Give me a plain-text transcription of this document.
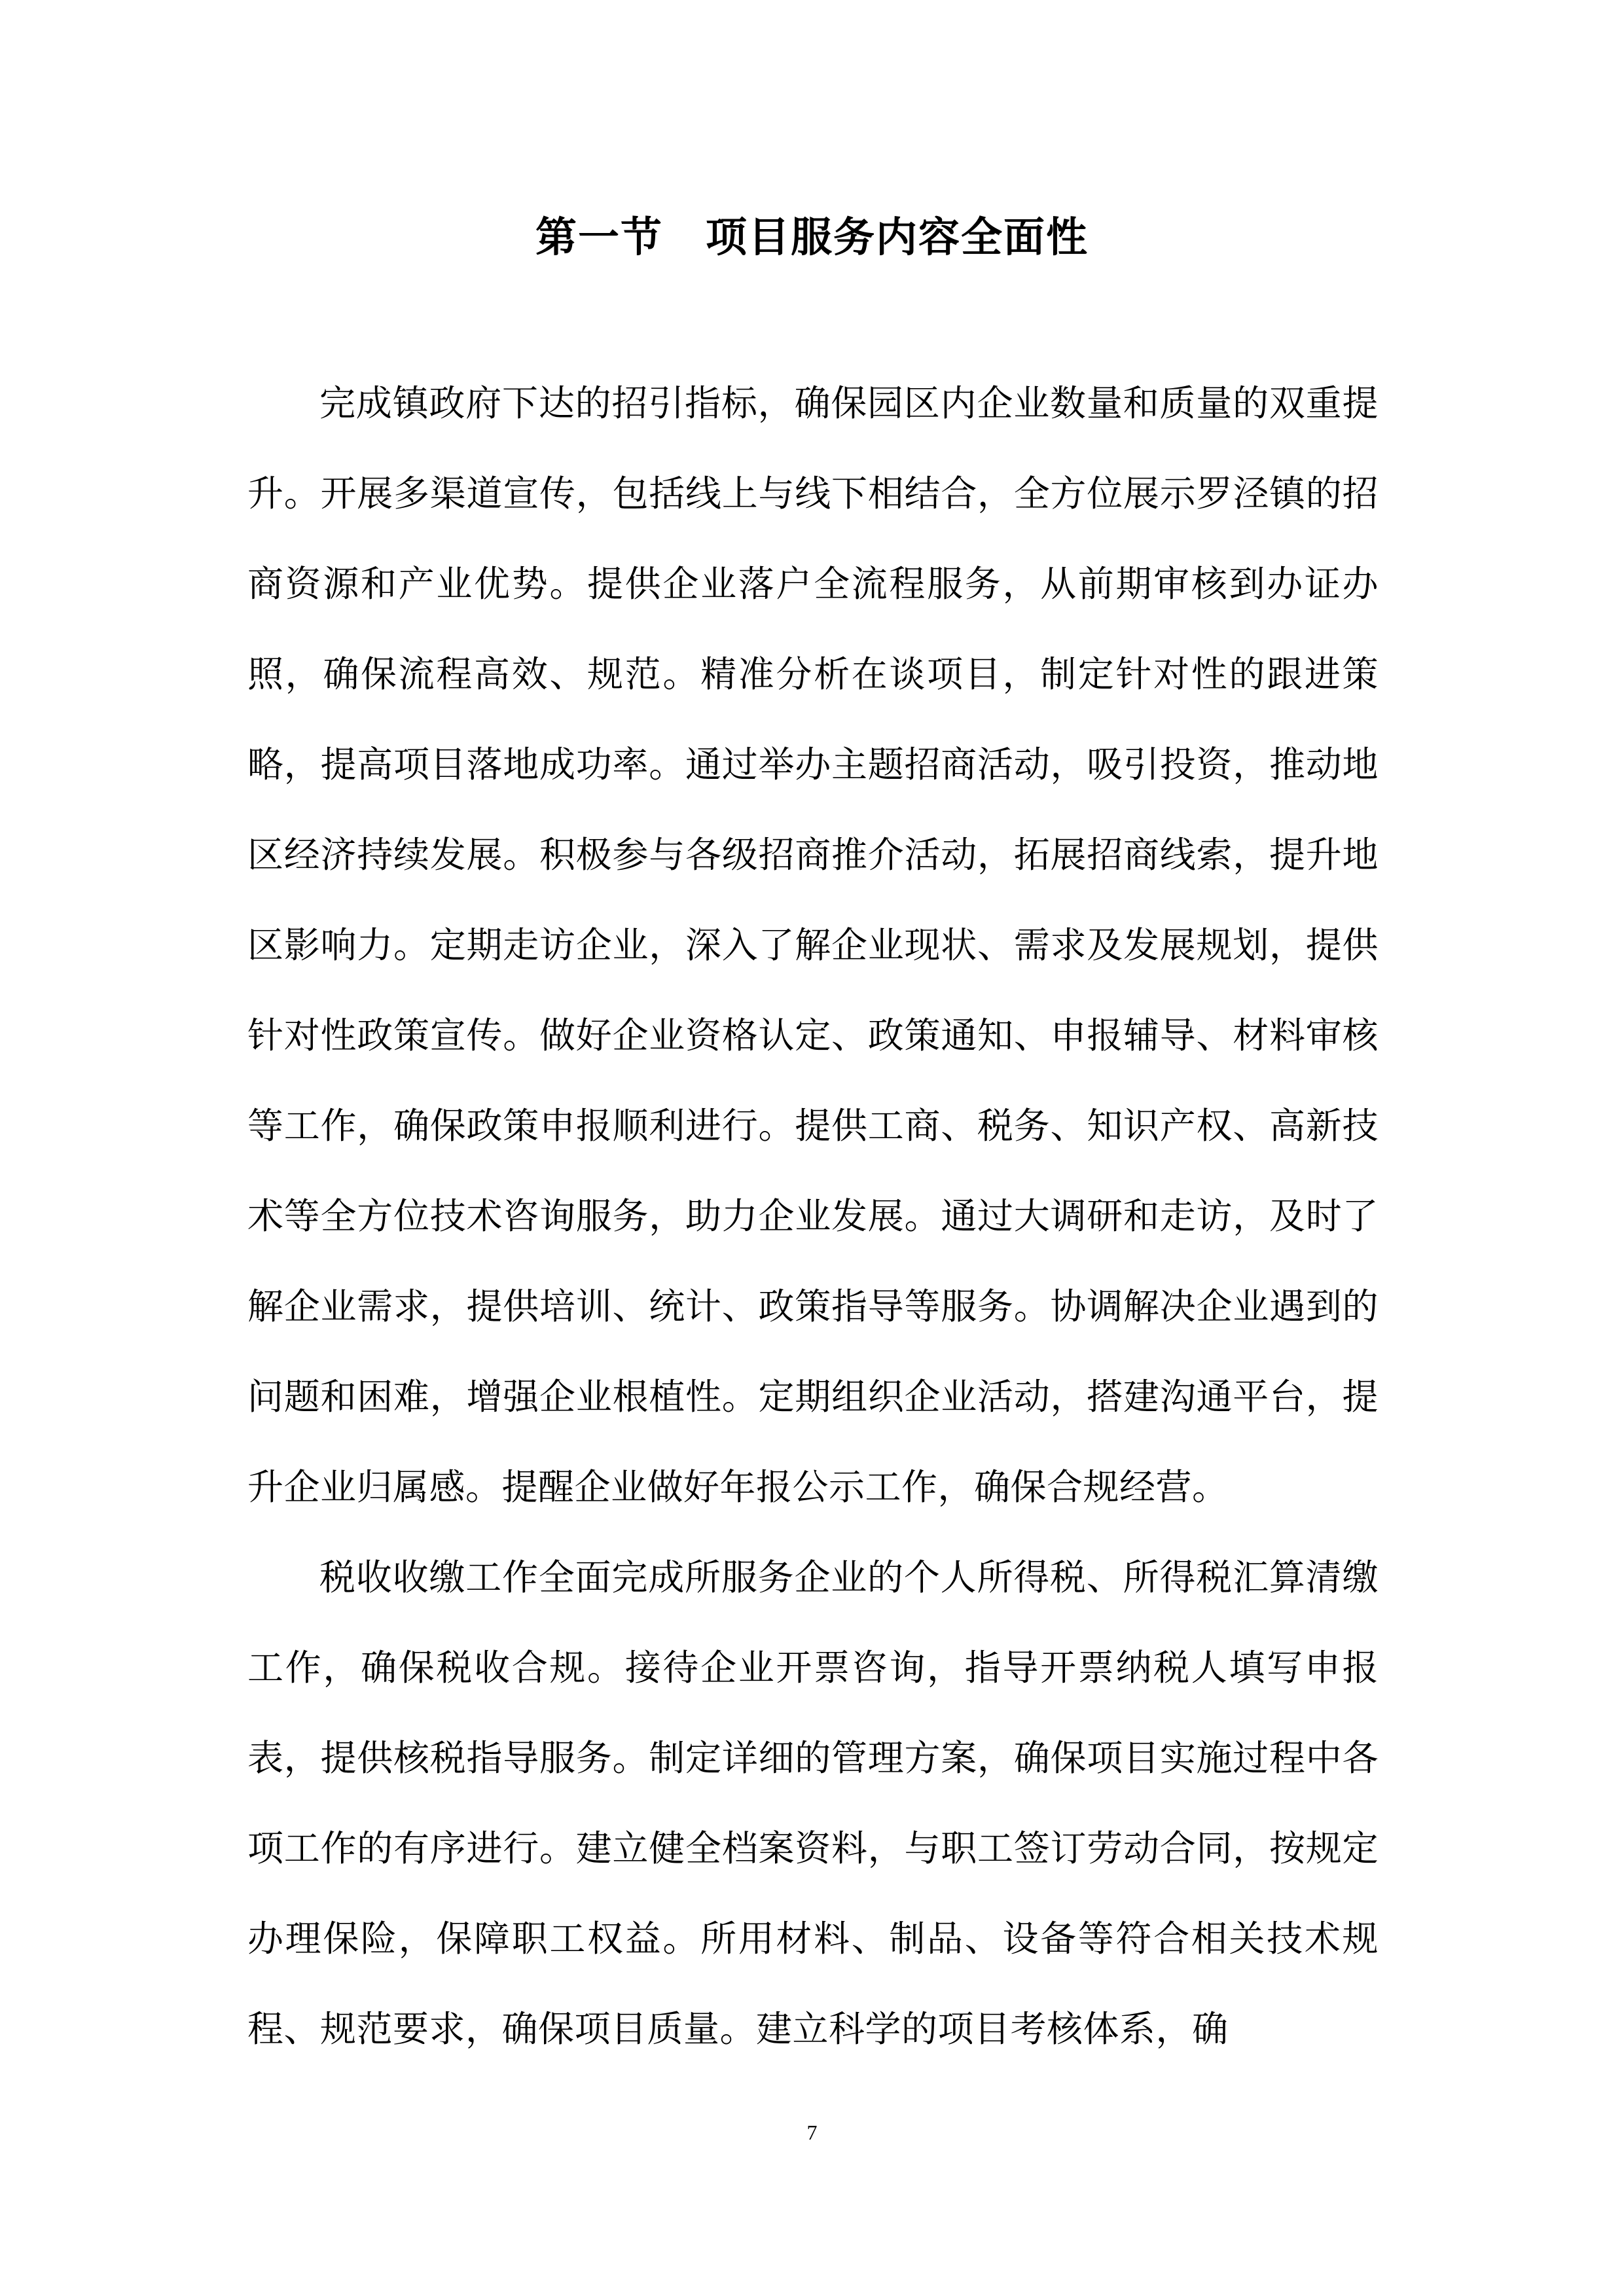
第一节　项目服务内容全面性

完成镇政府下达的招引指标，确保园区内企业数量和质量的双重提升。开展多渠道宣传，包括线上与线下相结合，全方位展示罗泾镇的招商资源和产业优势。提供企业落户全流程服务，从前期审核到办证办照，确保流程高效、规范。精准分析在谈项目，制定针对性的跟进策略，提高项目落地成功率。通过举办主题招商活动，吸引投资，推动地区经济持续发展。积极参与各级招商推介活动，拓展招商线索，提升地区影响力。定期走访企业，深入了解企业现状、需求及发展规划，提供针对性政策宣传。做好企业资格认定、政策通知、申报辅导、材料审核等工作，确保政策申报顺利进行。提供工商、税务、知识产权、高新技术等全方位技术咨询服务，助力企业发展。通过大调研和走访，及时了解企业需求，提供培训、统计、政策指导等服务。协调解决企业遇到的问题和困难，增强企业根植性。定期组织企业活动，搭建沟通平台，提升企业归属感。提醒企业做好年报公示工作，确保合规经营。

税收收缴工作全面完成所服务企业的个人所得税、所得税汇算清缴工作，确保税收合规。接待企业开票咨询，指导开票纳税人填写申报表，提供核税指导服务。制定详细的管理方案，确保项目实施过程中各项工作的有序进行。建立健全档案资料，与职工签订劳动合同，按规定办理保险，保障职工权益。所用材料、制品、设备等符合相关技术规程、规范要求，确保项目质量。建立科学的项目考核体系，确

7
